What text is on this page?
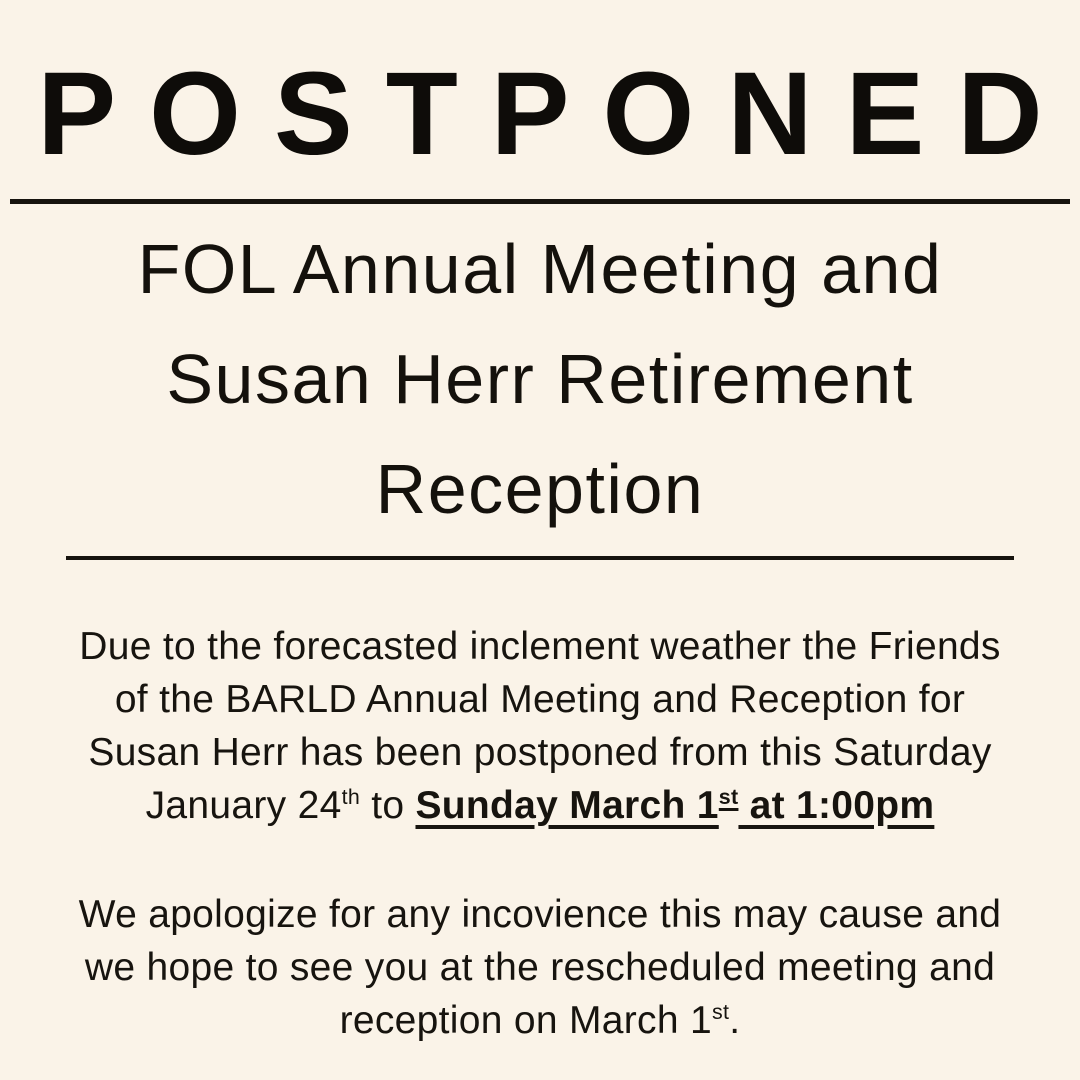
POSTPONED
FOL Annual Meeting and
Susan Herr Retirement
Reception

Due to the forecasted inclement weather the Friends
of the BARLD Annual Meeting and Reception for
Susan Herr has been postponed from this Saturday
January 24th to Sunday March 1st at 1:00pm

We apologize for any incovience this may cause and
we hope to see you at the rescheduled meeting and
reception on March 1st.
